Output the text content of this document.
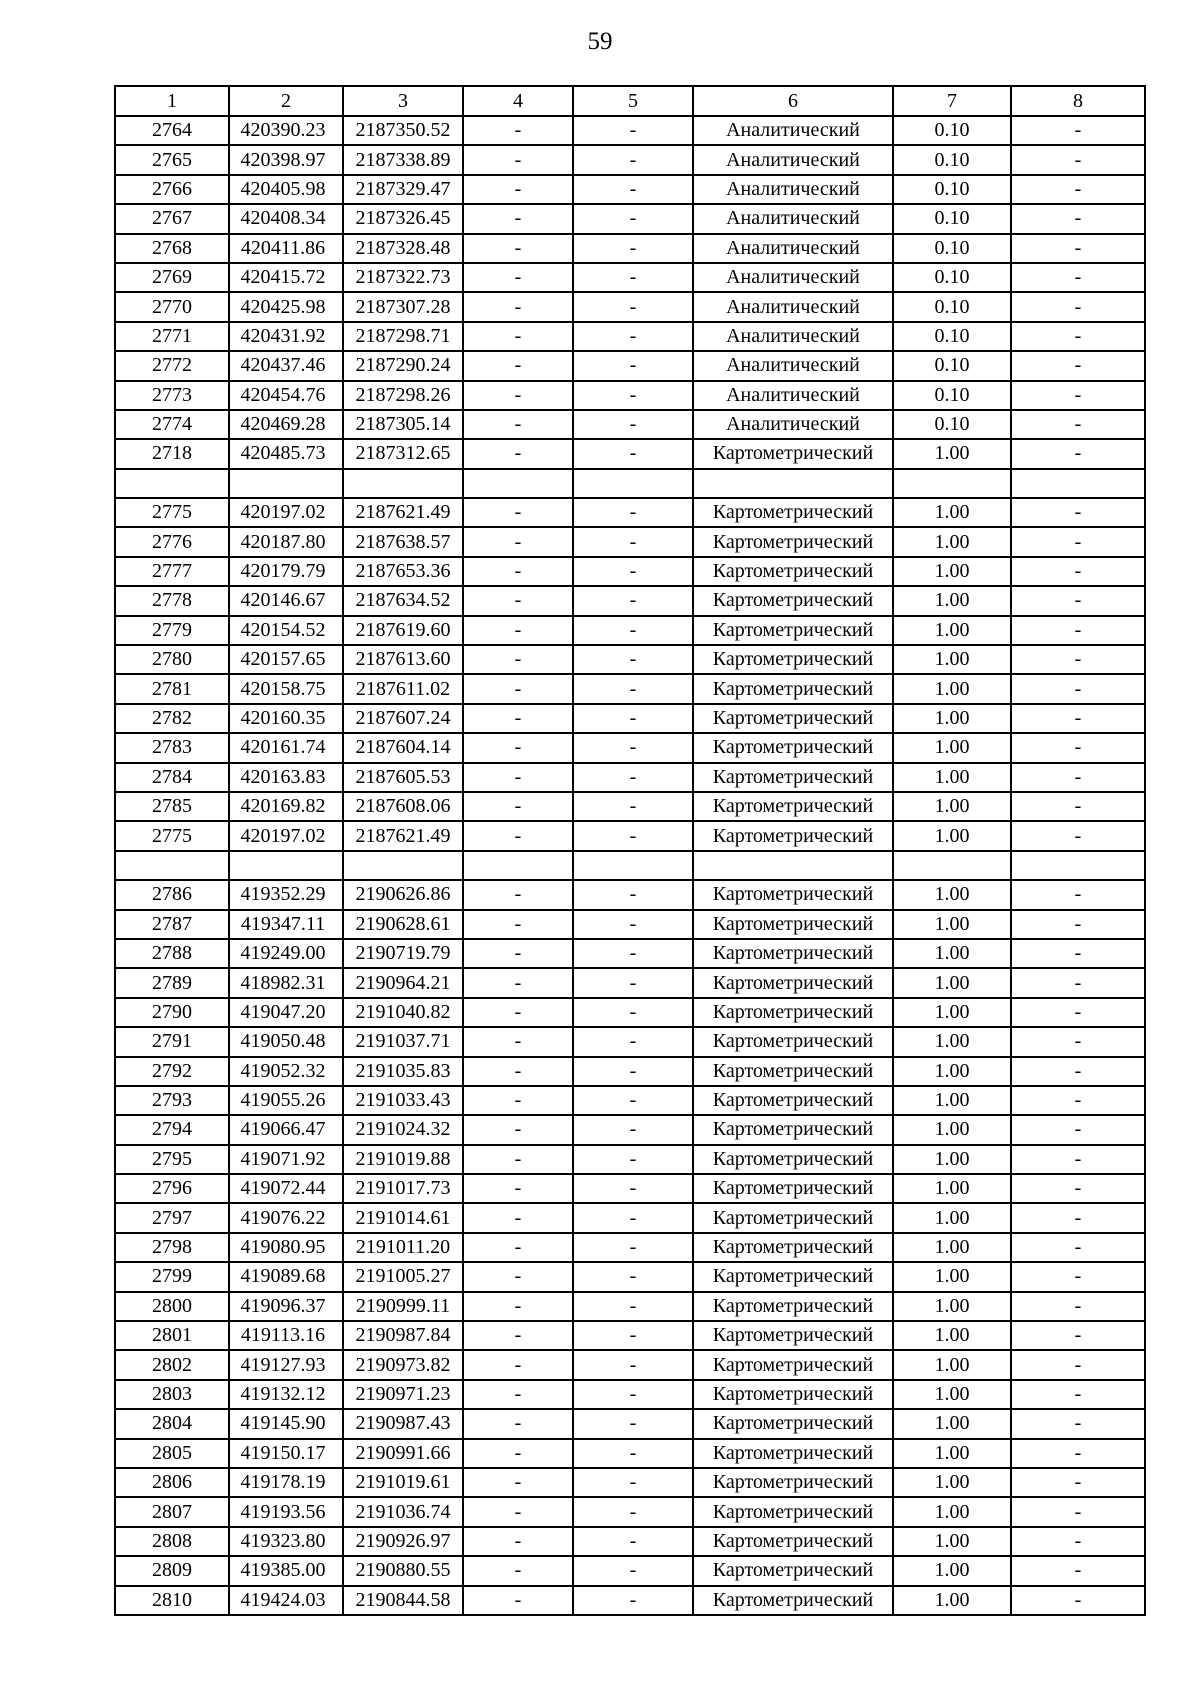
59
1	2	3	4	5	6	7	8
2764	420390.23	2187350.52	-	-	Аналитический	0.10	-
2765	420398.97	2187338.89	-	-	Аналитический	0.10	-
2766	420405.98	2187329.47	-	-	Аналитический	0.10	-
2767	420408.34	2187326.45	-	-	Аналитический	0.10	-
2768	420411.86	2187328.48	-	-	Аналитический	0.10	-
2769	420415.72	2187322.73	-	-	Аналитический	0.10	-
2770	420425.98	2187307.28	-	-	Аналитический	0.10	-
2771	420431.92	2187298.71	-	-	Аналитический	0.10	-
2772	420437.46	2187290.24	-	-	Аналитический	0.10	-
2773	420454.76	2187298.26	-	-	Аналитический	0.10	-
2774	420469.28	2187305.14	-	-	Аналитический	0.10	-
2718	420485.73	2187312.65	-	-	Картометрический	1.00	-

2775	420197.02	2187621.49	-	-	Картометрический	1.00	-
2776	420187.80	2187638.57	-	-	Картометрический	1.00	-
2777	420179.79	2187653.36	-	-	Картометрический	1.00	-
2778	420146.67	2187634.52	-	-	Картометрический	1.00	-
2779	420154.52	2187619.60	-	-	Картометрический	1.00	-
2780	420157.65	2187613.60	-	-	Картометрический	1.00	-
2781	420158.75	2187611.02	-	-	Картометрический	1.00	-
2782	420160.35	2187607.24	-	-	Картометрический	1.00	-
2783	420161.74	2187604.14	-	-	Картометрический	1.00	-
2784	420163.83	2187605.53	-	-	Картометрический	1.00	-
2785	420169.82	2187608.06	-	-	Картометрический	1.00	-
2775	420197.02	2187621.49	-	-	Картометрический	1.00	-

2786	419352.29	2190626.86	-	-	Картометрический	1.00	-
2787	419347.11	2190628.61	-	-	Картометрический	1.00	-
2788	419249.00	2190719.79	-	-	Картометрический	1.00	-
2789	418982.31	2190964.21	-	-	Картометрический	1.00	-
2790	419047.20	2191040.82	-	-	Картометрический	1.00	-
2791	419050.48	2191037.71	-	-	Картометрический	1.00	-
2792	419052.32	2191035.83	-	-	Картометрический	1.00	-
2793	419055.26	2191033.43	-	-	Картометрический	1.00	-
2794	419066.47	2191024.32	-	-	Картометрический	1.00	-
2795	419071.92	2191019.88	-	-	Картометрический	1.00	-
2796	419072.44	2191017.73	-	-	Картометрический	1.00	-
2797	419076.22	2191014.61	-	-	Картометрический	1.00	-
2798	419080.95	2191011.20	-	-	Картометрический	1.00	-
2799	419089.68	2191005.27	-	-	Картометрический	1.00	-
2800	419096.37	2190999.11	-	-	Картометрический	1.00	-
2801	419113.16	2190987.84	-	-	Картометрический	1.00	-
2802	419127.93	2190973.82	-	-	Картометрический	1.00	-
2803	419132.12	2190971.23	-	-	Картометрический	1.00	-
2804	419145.90	2190987.43	-	-	Картометрический	1.00	-
2805	419150.17	2190991.66	-	-	Картометрический	1.00	-
2806	419178.19	2191019.61	-	-	Картометрический	1.00	-
2807	419193.56	2191036.74	-	-	Картометрический	1.00	-
2808	419323.80	2190926.97	-	-	Картометрический	1.00	-
2809	419385.00	2190880.55	-	-	Картометрический	1.00	-
2810	419424.03	2190844.58	-	-	Картометрический	1.00	-
